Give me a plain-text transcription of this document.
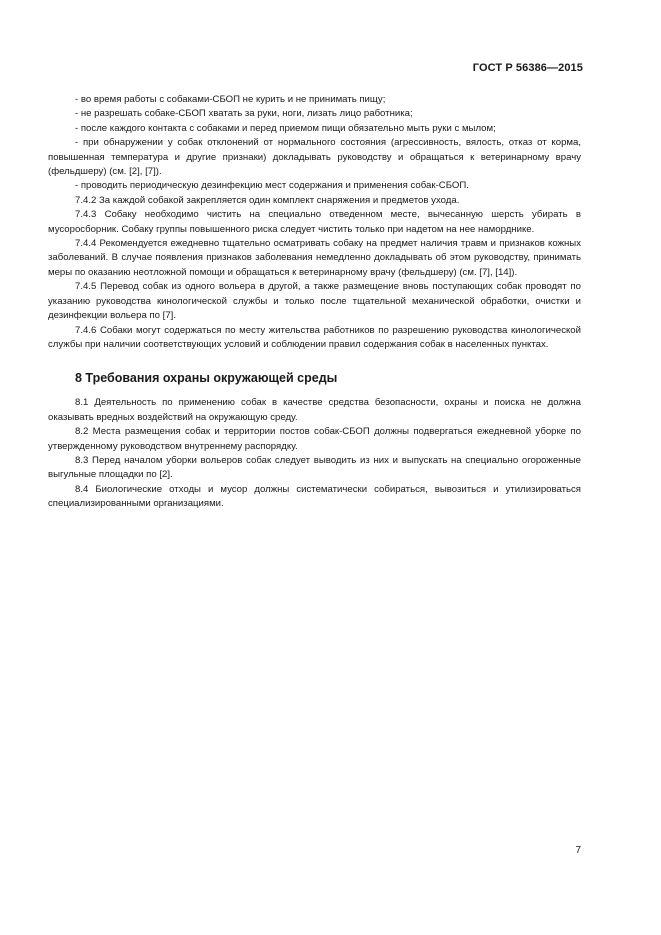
ГОСТ Р 56386—2015

- во время работы с собаками-СБОП не курить и не принимать пищу;

- не разрешать собаке-СБОП хватать за руки, ноги, лизать лицо работника;

- после каждого контакта с собаками и перед приемом пищи обязательно мыть руки с мылом;

- при обнаружении у собак отклонений от нормального состояния (агрессивность, вялость, отказ от корма, повышенная температура и другие признаки) докладывать руководству и обращаться к ветеринарному врачу (фельдшеру) (см. [2], [7]).

- проводить периодическую дезинфекцию мест содержания и применения собак-СБОП.

7.4.2 За каждой собакой закрепляется один комплект снаряжения и предметов ухода.

7.4.3 Собаку необходимо чистить на специально отведенном месте, вычесанную шерсть убирать в мусоросборник. Собаку группы повышенного риска следует чистить только при надетом на нее наморднике.

7.4.4 Рекомендуется ежедневно тщательно осматривать собаку на предмет наличия травм и признаков кожных заболеваний. В случае появления признаков заболевания немедленно докладывать об этом руководству, принимать меры по оказанию неотложной помощи и обращаться к ветеринарному врачу (фельдшеру) (см. [7], [14]).

7.4.5 Перевод собак из одного вольера в другой, а также размещение вновь поступающих собак проводят по указанию руководства кинологической службы и только после тщательной механической обработки, очистки и дезинфекции вольера по [7].

7.4.6 Собаки могут содержаться по месту жительства работников по разрешению руководства кинологической службы при наличии соответствующих условий и соблюдении правил содержания собак в населенных пунктах.

8 Требования охраны окружающей среды

8.1 Деятельность по применению собак в качестве средства безопасности, охраны и поиска не должна оказывать вредных воздействий на окружающую среду.

8.2 Места размещения собак и территории постов собак-СБОП должны подвергаться ежедневной уборке по утвержденному руководством внутреннему распорядку.

8.3 Перед началом уборки вольеров собак следует выводить из них и выпускать на специально огороженные выгульные площадки по [2].

8.4 Биологические отходы и мусор должны систематически собираться, вывозиться и утилизироваться специализированными организациями.

7
